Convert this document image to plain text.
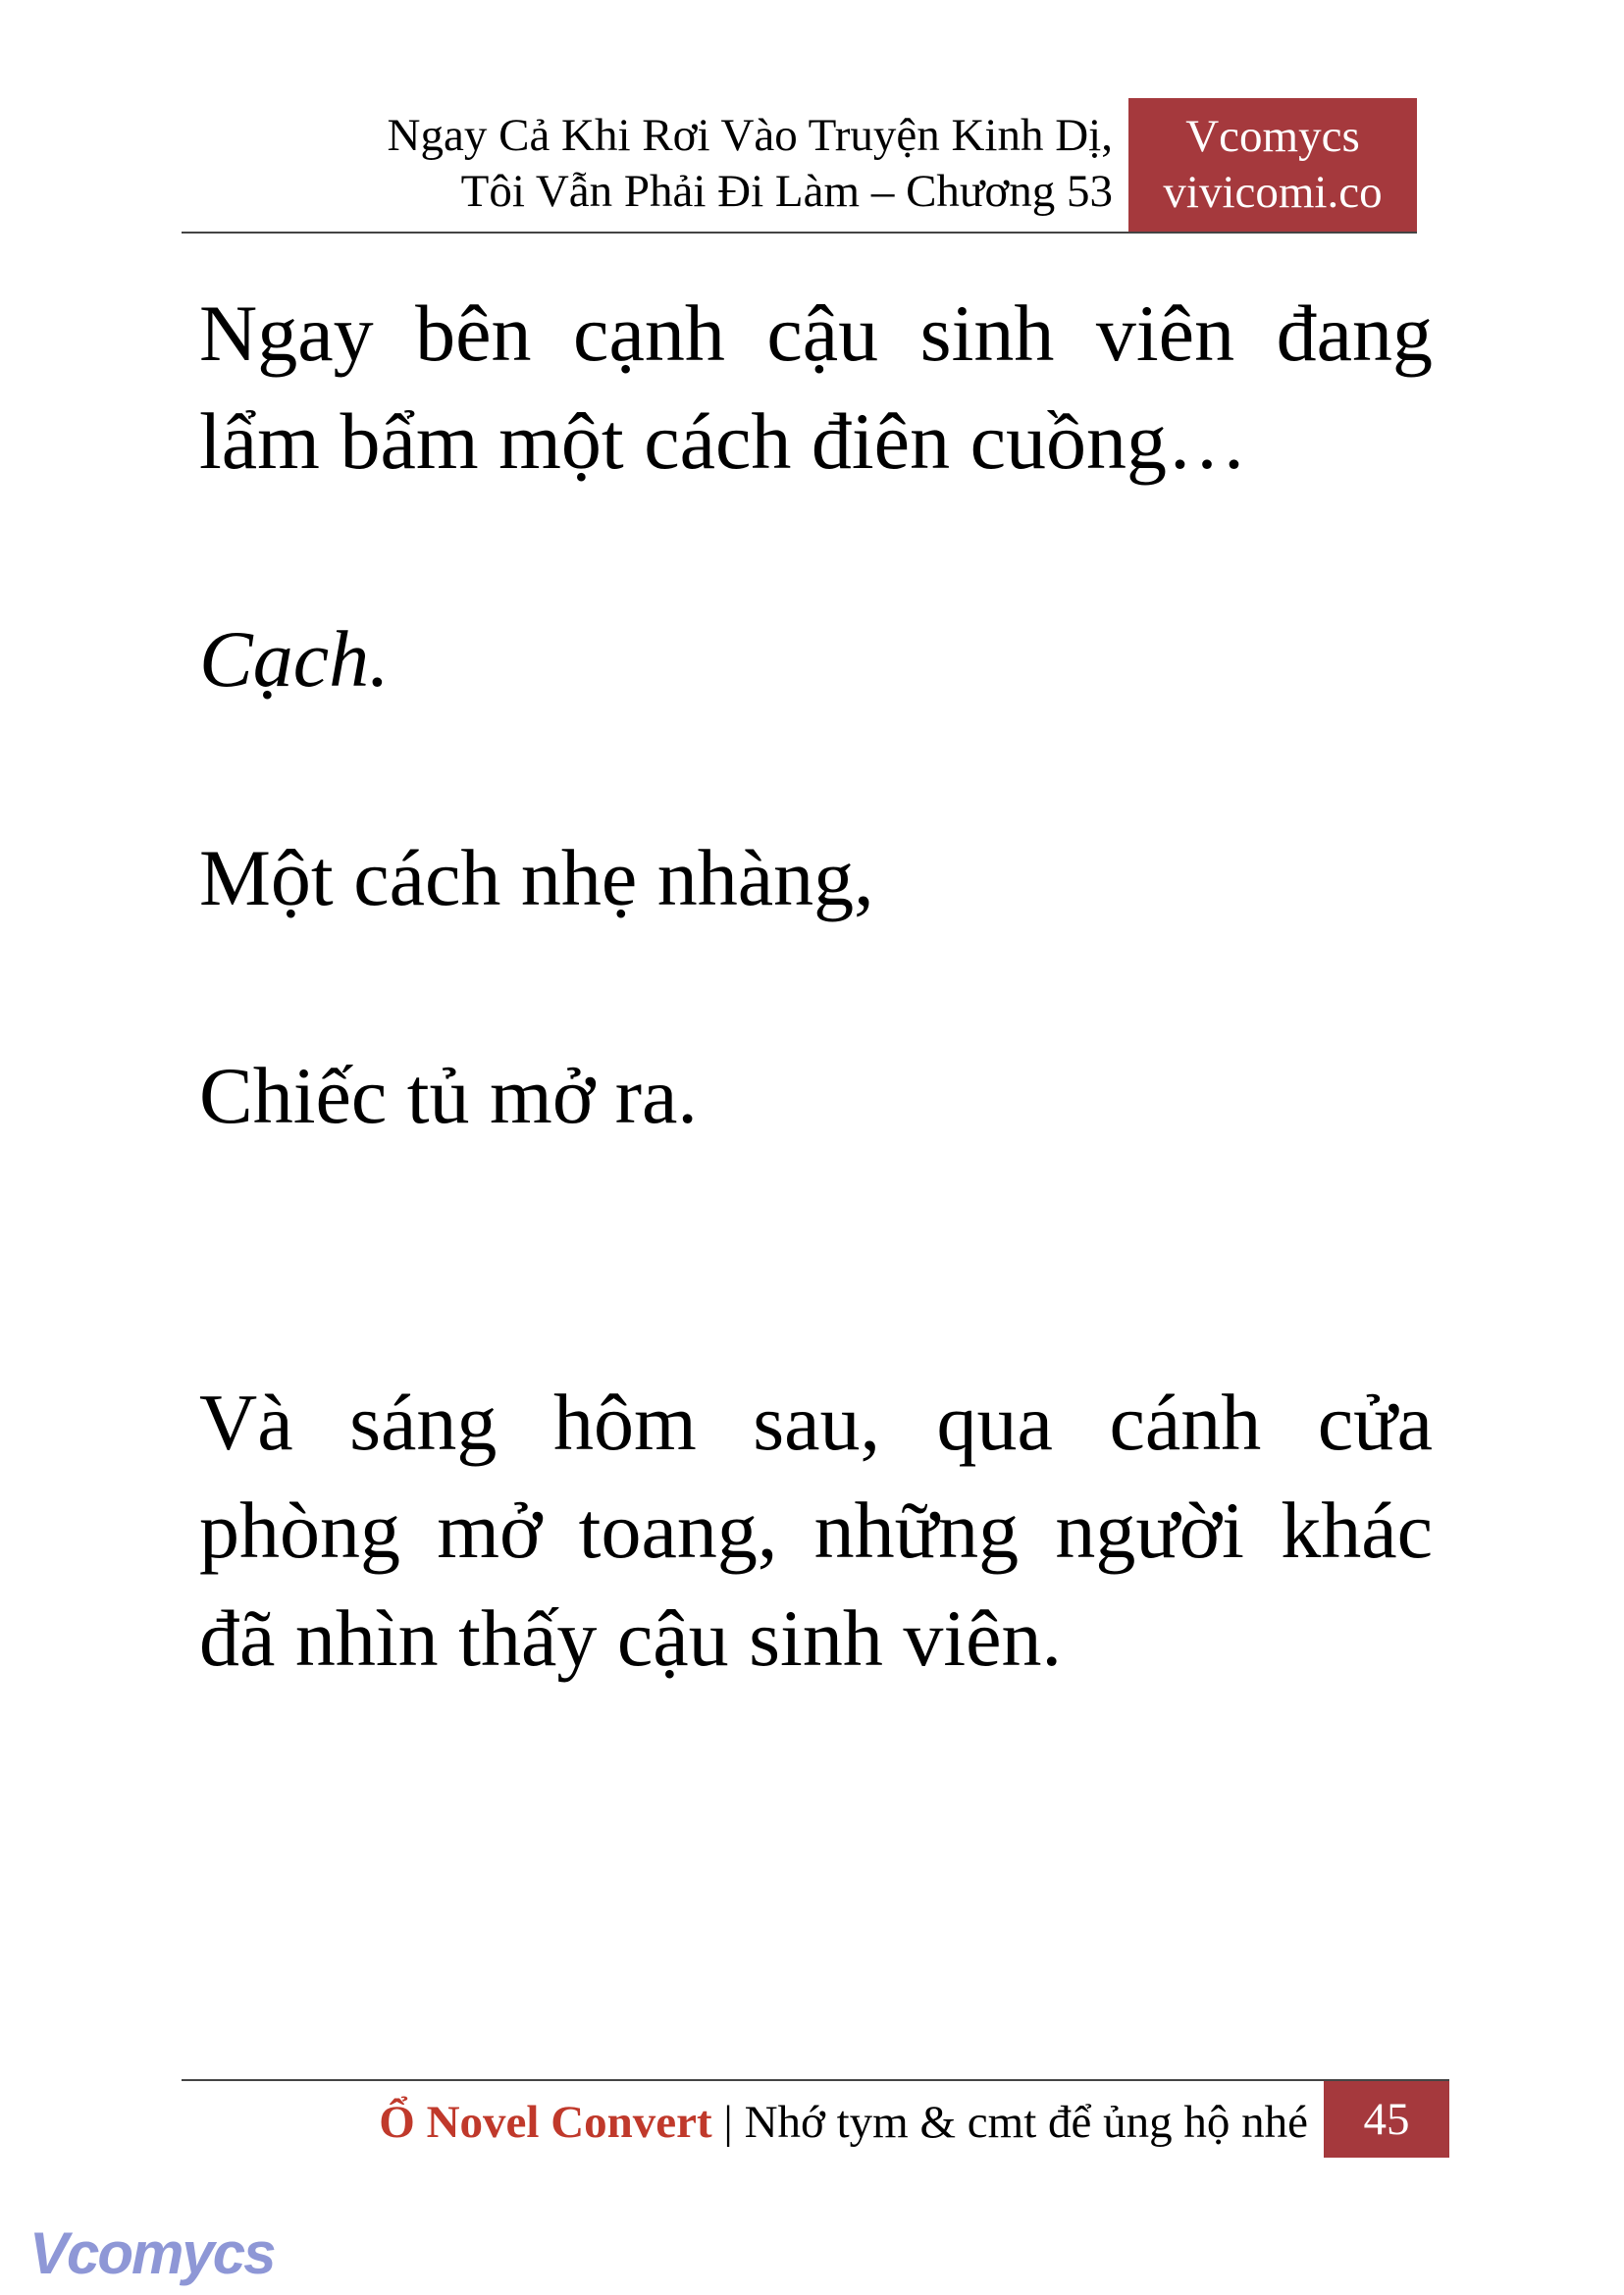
Ngay Cả Khi Rơi Vào Truyện Kinh Dị,
Tôi Vẫn Phải Đi Làm – Chương 53
Vcomycs
vivicomi.co
Ngay bên cạnh cậu sinh viên đang lẩm bẩm một cách điên cuồng…
Cạch.
Một cách nhẹ nhàng,
Chiếc tủ mở ra.
Và sáng hôm sau, qua cánh cửa phòng mở toang, những người khác đã nhìn thấy cậu sinh viên.
Ổ Novel Convert | Nhớ tym & cmt để ủng hộ nhé	45
Vcomycs
